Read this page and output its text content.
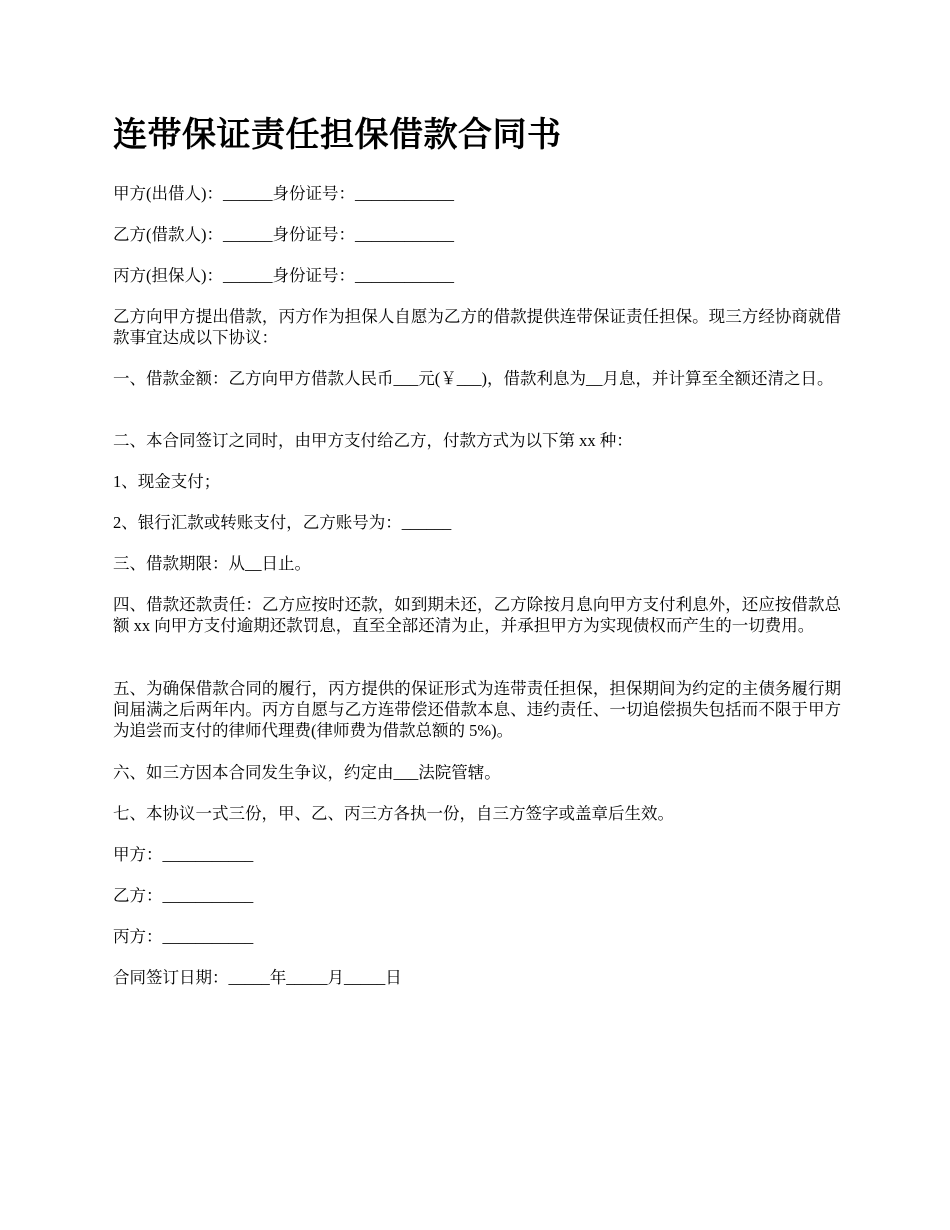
连带保证责任担保借款合同书

甲方(出借人)：______身份证号：____________

乙方(借款人)：______身份证号：____________

丙方(担保人)：______身份证号：____________

乙方向甲方提出借款，丙方作为担保人自愿为乙方的借款提供连带保证责任担保。现三方经协商就借款事宜达成以下协议：

一、借款金额：乙方向甲方借款人民币___元(￥___)，借款利息为__月息，并计算至全额还清之日。

二、本合同签订之同时，由甲方支付给乙方，付款方式为以下第 xx 种：

1、现金支付；

2、银行汇款或转账支付，乙方账号为：______

三、借款期限：从__日止。

四、借款还款责任：乙方应按时还款，如到期未还，乙方除按月息向甲方支付利息外，还应按借款总额 xx 向甲方支付逾期还款罚息，直至全部还清为止，并承担甲方为实现债权而产生的一切费用。

五、为确保借款合同的履行，丙方提供的保证形式为连带责任担保，担保期间为约定的主债务履行期间届满之后两年内。丙方自愿与乙方连带偿还借款本息、违约责任、一切追偿损失包括而不限于甲方为追尝而支付的律师代理费(律师费为借款总额的 5%)。

六、如三方因本合同发生争议，约定由___法院管辖。

七、本协议一式三份，甲、乙、丙三方各执一份，自三方签字或盖章后生效。

甲方：___________

乙方：___________

丙方：___________

合同签订日期：_____年_____月_____日
